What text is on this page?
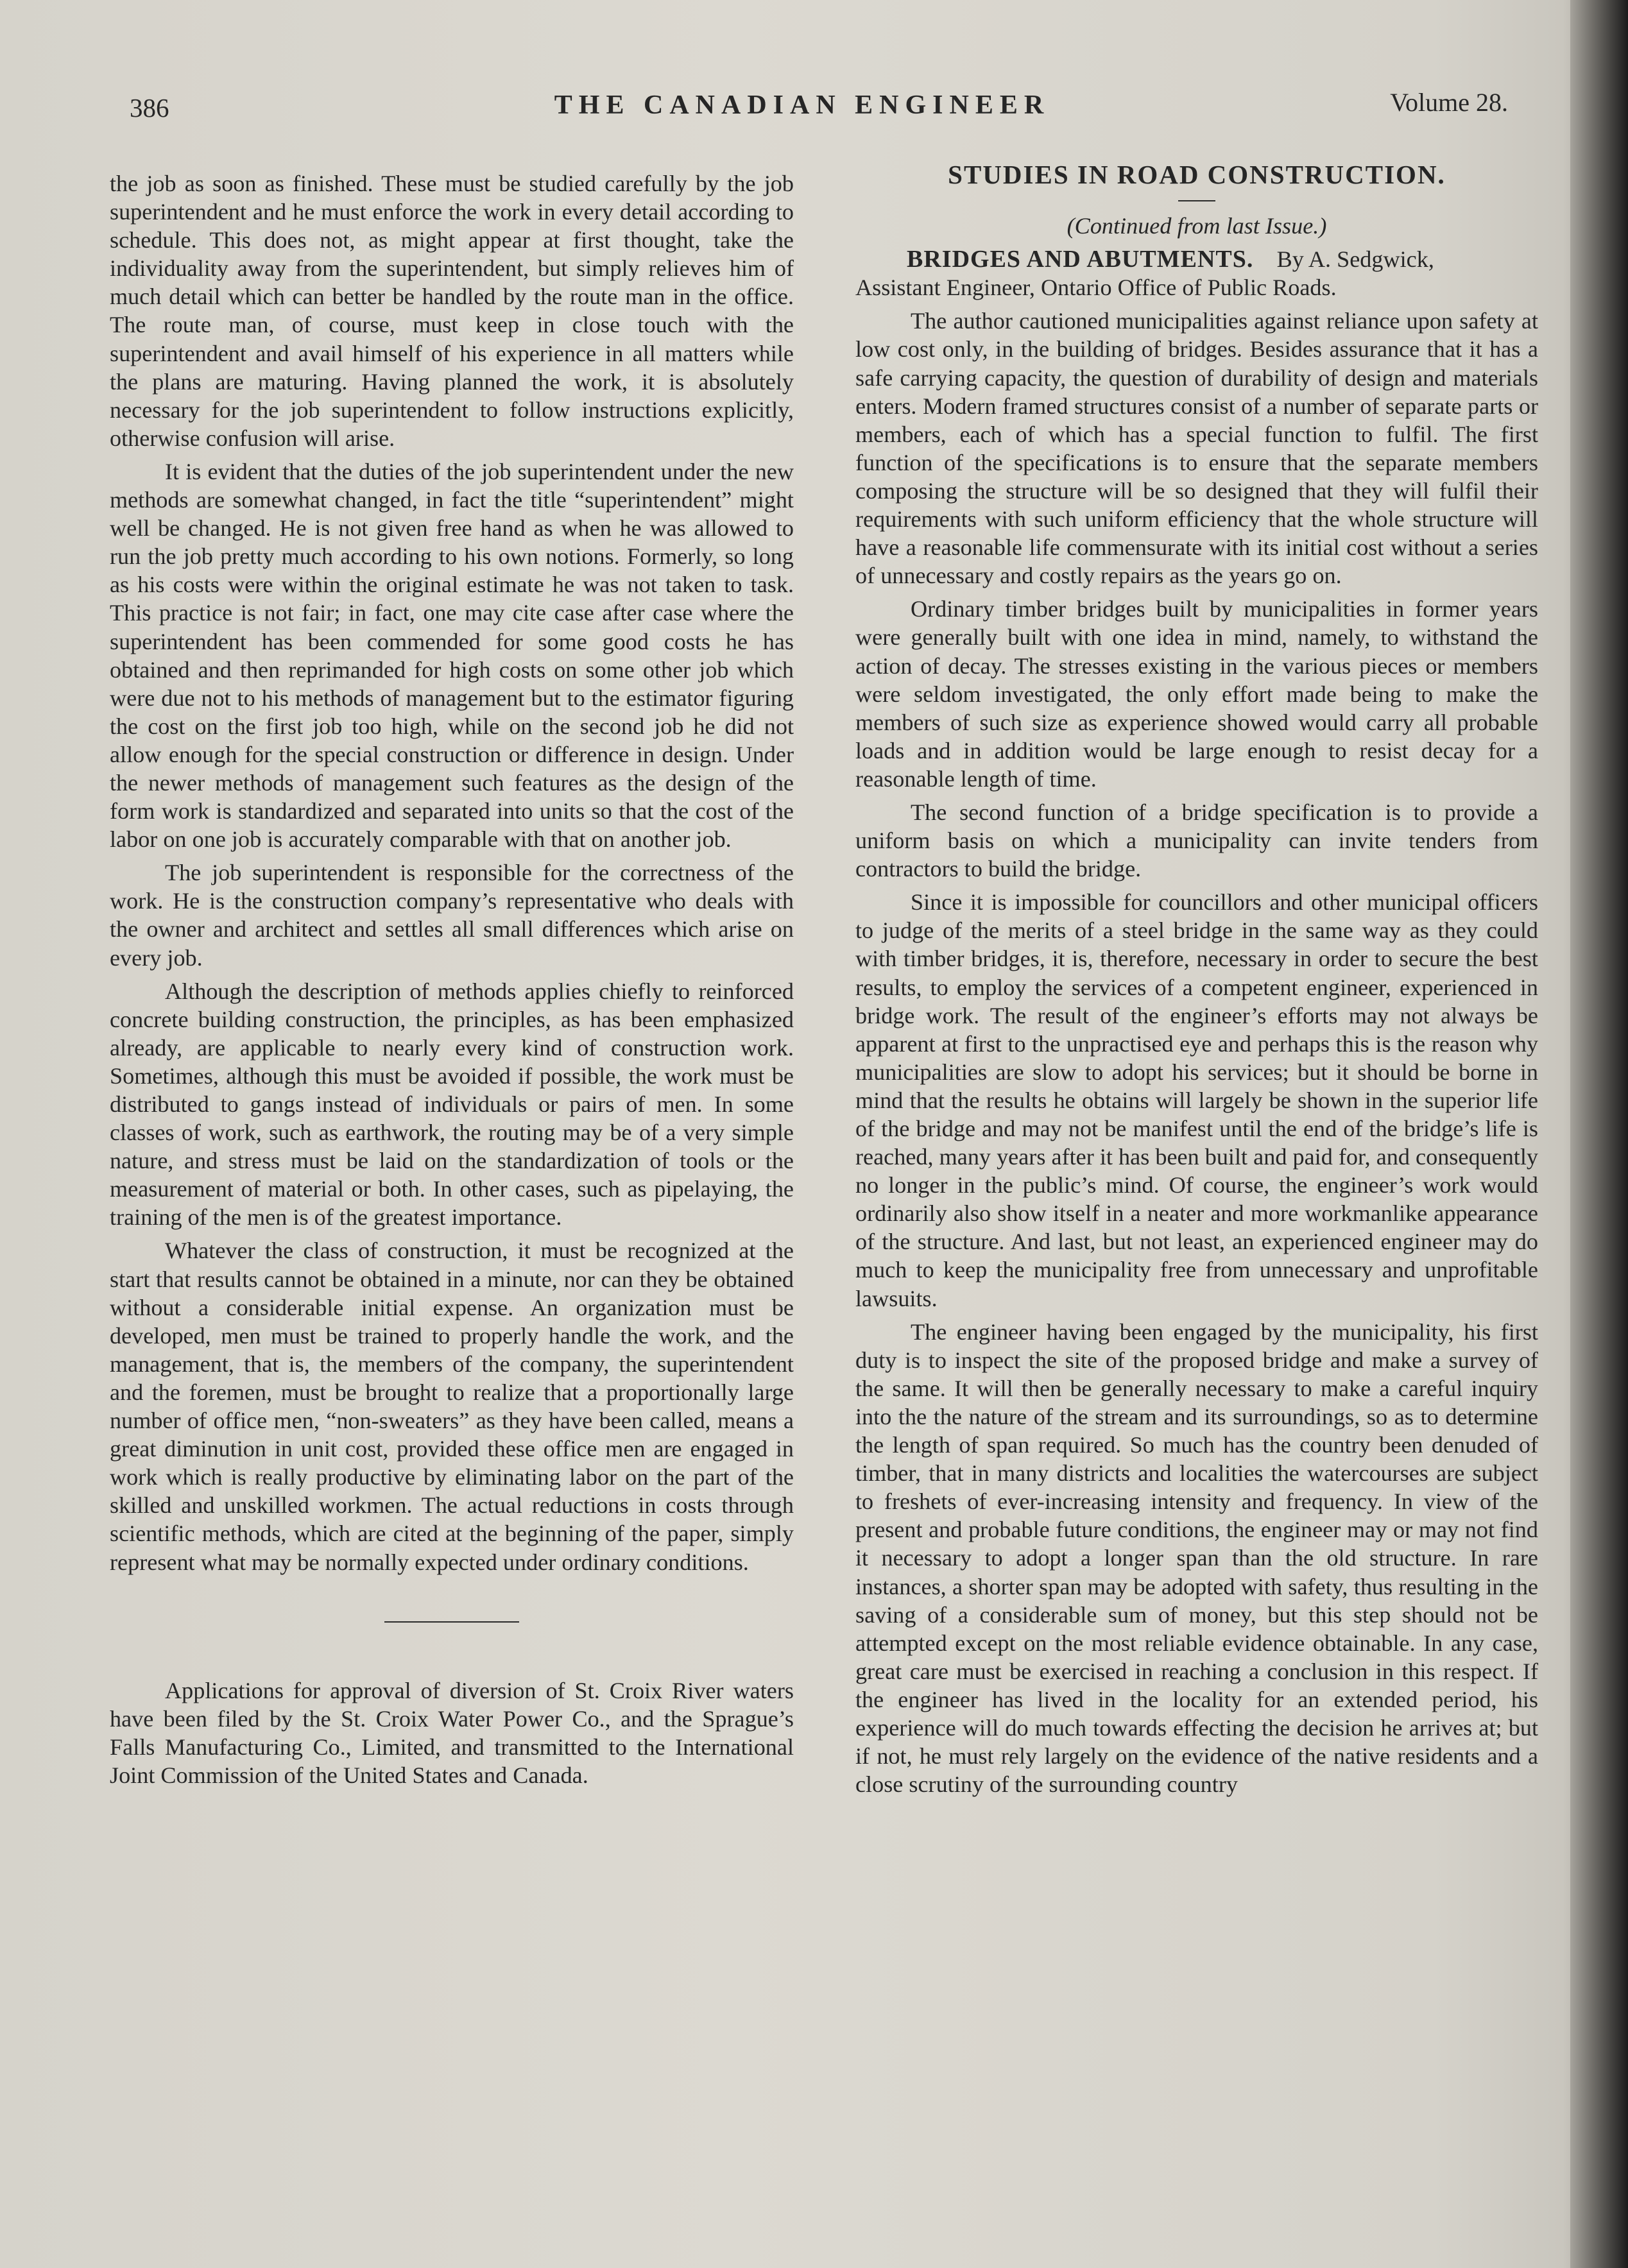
386	THE CANADIAN ENGINEER	Volume 28.

the job as soon as finished. These must be studied carefully by the job superintendent and he must enforce the work in every detail according to schedule. This does not, as might appear at first thought, take the individuality away from the superintendent, but simply relieves him of much detail which can better be handled by the route man in the office. The route man, of course, must keep in close touch with the superintendent and avail himself of his experience in all matters while the plans are maturing. Having planned the work, it is absolutely necessary for the job superintendent to follow instructions explicitly, otherwise confusion will arise.

It is evident that the duties of the job superintendent under the new methods are somewhat changed, in fact the title “superintendent” might well be changed. He is not given free hand as when he was allowed to run the job pretty much according to his own notions. Formerly, so long as his costs were within the original estimate he was not taken to task. This practice is not fair; in fact, one may cite case after case where the superintendent has been commended for some good costs he has obtained and then reprimanded for high costs on some other job which were due not to his methods of management but to the estimator figuring the cost on the first job too high, while on the second job he did not allow enough for the special construction or difference in design. Under the newer methods of management such features as the design of the form work is standardized and separated into units so that the cost of the labor on one job is accurately comparable with that on another job.

The job superintendent is responsible for the correctness of the work. He is the construction company’s representative who deals with the owner and architect and settles all small differences which arise on every job.

Although the description of methods applies chiefly to reinforced concrete building construction, the principles, as has been emphasized already, are applicable to nearly every kind of construction work. Sometimes, although this must be avoided if possible, the work must be distributed to gangs instead of individuals or pairs of men. In some classes of work, such as earthwork, the routing may be of a very simple nature, and stress must be laid on the standardization of tools or the measurement of material or both. In other cases, such as pipelaying, the training of the men is of the greatest importance.

Whatever the class of construction, it must be recognized at the start that results cannot be obtained in a minute, nor can they be obtained without a considerable initial expense. An organization must be developed, men must be trained to properly handle the work, and the management, that is, the members of the company, the superintendent and the foremen, must be brought to realize that a proportionally large number of office men, “non-sweaters” as they have been called, means a great diminution in unit cost, provided these office men are engaged in work which is really productive by eliminating labor on the part of the skilled and unskilled workmen. The actual reductions in costs through scientific methods, which are cited at the beginning of the paper, simply represent what may be normally expected under ordinary conditions.

Applications for approval of diversion of St. Croix River waters have been filed by the St. Croix Water Power Co., and the Sprague’s Falls Manufacturing Co., Limited, and transmitted to the International Joint Commission of the United States and Canada.

STUDIES IN ROAD CONSTRUCTION.
(Continued from last Issue.)
BRIDGES AND ABUTMENTS. By A. Sedgwick,
Assistant Engineer, Ontario Office of Public Roads.

The author cautioned municipalities against reliance upon safety at low cost only, in the building of bridges. Besides assurance that it has a safe carrying capacity, the question of durability of design and materials enters. Modern framed structures consist of a number of separate parts or members, each of which has a special function to fulfil. The first function of the specifications is to ensure that the separate members composing the structure will be so designed that they will fulfil their requirements with such uniform efficiency that the whole structure will have a reasonable life commensurate with its initial cost without a series of unnecessary and costly repairs as the years go on.

Ordinary timber bridges built by municipalities in former years were generally built with one idea in mind, namely, to withstand the action of decay. The stresses existing in the various pieces or members were seldom investigated, the only effort made being to make the members of such size as experience showed would carry all probable loads and in addition would be large enough to resist decay for a reasonable length of time.

The second function of a bridge specification is to provide a uniform basis on which a municipality can invite tenders from contractors to build the bridge.

Since it is impossible for councillors and other municipal officers to judge of the merits of a steel bridge in the same way as they could with timber bridges, it is, therefore, necessary in order to secure the best results, to employ the services of a competent engineer, experienced in bridge work. The result of the engineer’s efforts may not always be apparent at first to the unpractised eye and perhaps this is the reason why municipalities are slow to adopt his services; but it should be borne in mind that the results he obtains will largely be shown in the superior life of the bridge and may not be manifest until the end of the bridge’s life is reached, many years after it has been built and paid for, and consequently no longer in the public’s mind. Of course, the engineer’s work would ordinarily also show itself in a neater and more workmanlike appearance of the structure. And last, but not least, an experienced engineer may do much to keep the municipality free from unnecessary and unprofitable lawsuits.

The engineer having been engaged by the municipality, his first duty is to inspect the site of the proposed bridge and make a survey of the same. It will then be generally necessary to make a careful inquiry into the the nature of the stream and its surroundings, so as to determine the length of span required. So much has the country been denuded of timber, that in many districts and localities the watercourses are subject to freshets of ever-increasing intensity and frequency. In view of the present and probable future conditions, the engineer may or may not find it necessary to adopt a longer span than the old structure. In rare instances, a shorter span may be adopted with safety, thus resulting in the saving of a considerable sum of money, but this step should not be attempted except on the most reliable evidence obtainable. In any case, great care must be exercised in reaching a conclusion in this respect. If the engineer has lived in the locality for an extended period, his experience will do much towards effecting the decision he arrives at; but if not, he must rely largely on the evidence of the native residents and a close scrutiny of the surrounding country
